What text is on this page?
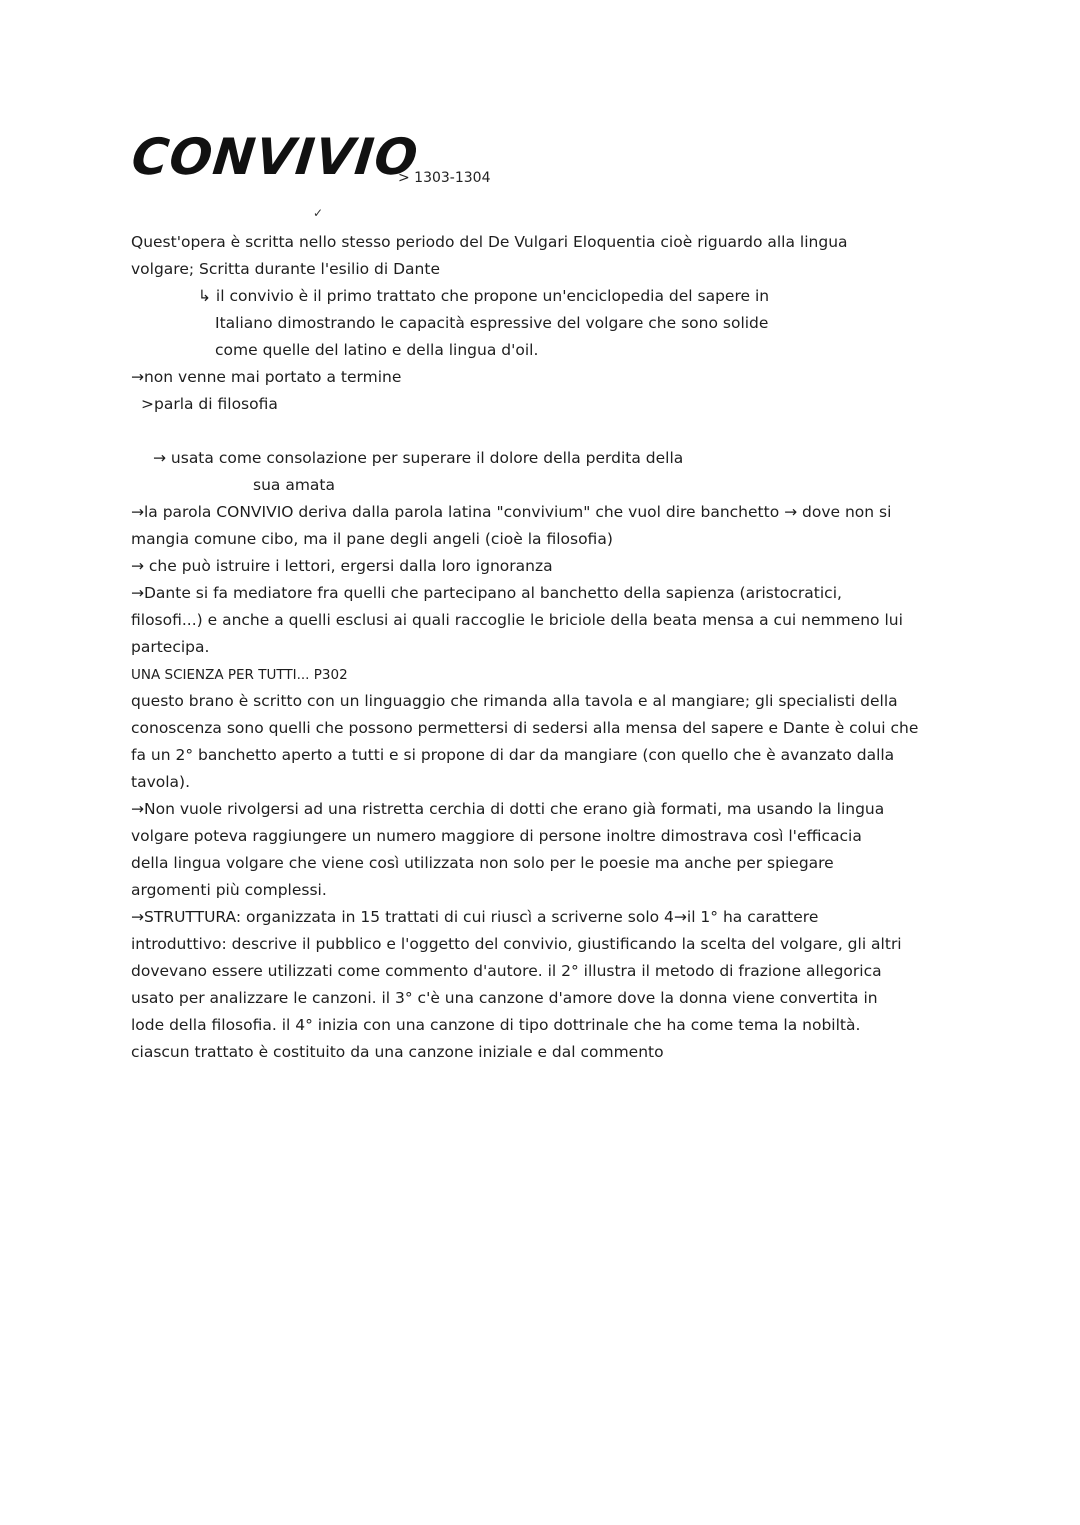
CONVIVIO
> 1303-1304
✓
Quest'opera è scritta nello stesso periodo del De Vulgari Eloquentia cioè riguardo alla lingua
volgare; Scritta durante l'esilio di Dante
↳ il convivio è il primo trattato che propone un'enciclopedia del sapere in
Italiano dimostrando le capacità espressive del volgare che sono solide
come quelle del latino e della lingua d'oil.
→non venne mai portato a termine
>parla di filosofia
→ usata come consolazione per superare il dolore della perdita della
sua amata
→la parola CONVIVIO deriva dalla parola latina "convivium" che vuol dire banchetto → dove non si
mangia comune cibo, ma il pane degli angeli (cioè la filosofia)
→ che può istruire i lettori, ergersi dalla loro ignoranza
→Dante si fa mediatore fra quelli che partecipano al banchetto della sapienza (aristocratici,
filosofi...) e anche a quelli esclusi ai quali raccoglie le briciole della beata mensa a cui nemmeno lui
partecipa.
UNA SCIENZA PER TUTTI... P302
questo brano è scritto con un linguaggio che rimanda alla tavola e al mangiare; gli specialisti della
conoscenza sono quelli che possono permettersi di sedersi alla mensa del sapere e Dante è colui che
fa un 2° banchetto aperto a tutti e si propone di dar da mangiare (con quello che è avanzato dalla
tavola).
→Non vuole rivolgersi ad una ristretta cerchia di dotti che erano già formati, ma usando la lingua
volgare poteva raggiungere un numero maggiore di persone inoltre dimostrava così l'efficacia
della lingua volgare che viene così utilizzata non solo per le poesie ma anche per spiegare
argomenti più complessi.
→STRUTTURA: organizzata in 15 trattati di cui riuscì a scriverne solo 4→il 1° ha carattere
introduttivo: descrive il pubblico e l'oggetto del convivio, giustificando la scelta del volgare, gli altri
dovevano essere utilizzati come commento d'autore. il 2° illustra il metodo di frazione allegorica
usato per analizzare le canzoni. il 3° c'è una canzone d'amore dove la donna viene convertita in
lode della filosofia. il 4° inizia con una canzone di tipo dottrinale che ha come tema la nobiltà.
ciascun trattato è costituito da una canzone iniziale e dal commento
